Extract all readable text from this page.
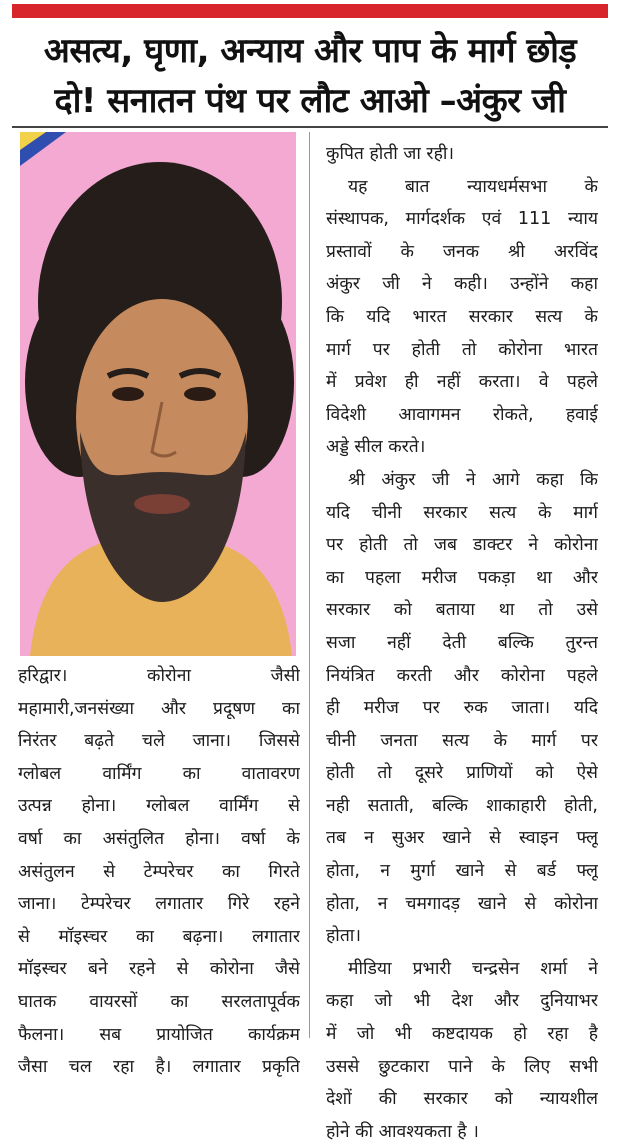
असत्य, घृणा, अन्याय और पाप के मार्ग छोड़
दो! सनातन पंथ पर लौट आओ –अंकुर जी
हरिद्वार। कोरोना जैसी
महामारी,जनसंख्या और प्रदूषण का
निरंतर बढ़ते चले जाना। जिससे
ग्लोबल वार्मिंग का वातावरण
उत्पन्न होना। ग्लोबल वार्मिंग से
वर्षा का असंतुलित होना। वर्षा के
असंतुलन से टेम्परेचर का गिरते
जाना। टेम्परेचर लगातार गिरे रहने
से मॉइस्चर का बढ़ना। लगातार
मॉइस्चर बने रहने से कोरोना जैसे
घातक वायरसों का सरलतापूर्वक
फैलना। सब प्रायोजित कार्यक्रम
जैसा चल रहा है। लगातार प्रकृति
कुपित होती जा रही।
यह बात न्यायधर्मसभा के
संस्थापक, मार्गदर्शक एवं 111 न्याय
प्रस्तावों के जनक श्री अरविंद
अंकुर जी ने कही। उन्होंने कहा
कि यदि भारत सरकार सत्य के
मार्ग पर होती तो कोरोना भारत
में प्रवेश ही नहीं करता। वे पहले
विदेशी आवागमन रोकते, हवाई
अड्डे सील करते।
श्री अंकुर जी ने आगे कहा कि
यदि चीनी सरकार सत्य के मार्ग
पर होती तो जब डाक्टर ने कोरोना
का पहला मरीज पकड़ा था और
सरकार को बताया था तो उसे
सजा नहीं देती बल्कि तुरन्त
नियंत्रित करती और कोरोना पहले
ही मरीज पर रुक जाता। यदि
चीनी जनता सत्य के मार्ग पर
होती तो दूसरे प्राणियों को ऐसे
नही सताती, बल्कि शाकाहारी होती,
तब न सुअर खाने से स्वाइन फ्लू
होता, न मुर्गा खाने से बर्ड फ्लू
होता, न चमगादड़ खाने से कोरोना
होता।
मीडिया प्रभारी चन्द्रसेन शर्मा ने
कहा जो भी देश और दुनियाभर
में जो भी कष्टदायक हो रहा है
उससे छुटकारा पाने के लिए सभी
देशों की सरकार को न्यायशील
होने की आवश्यकता है ।
